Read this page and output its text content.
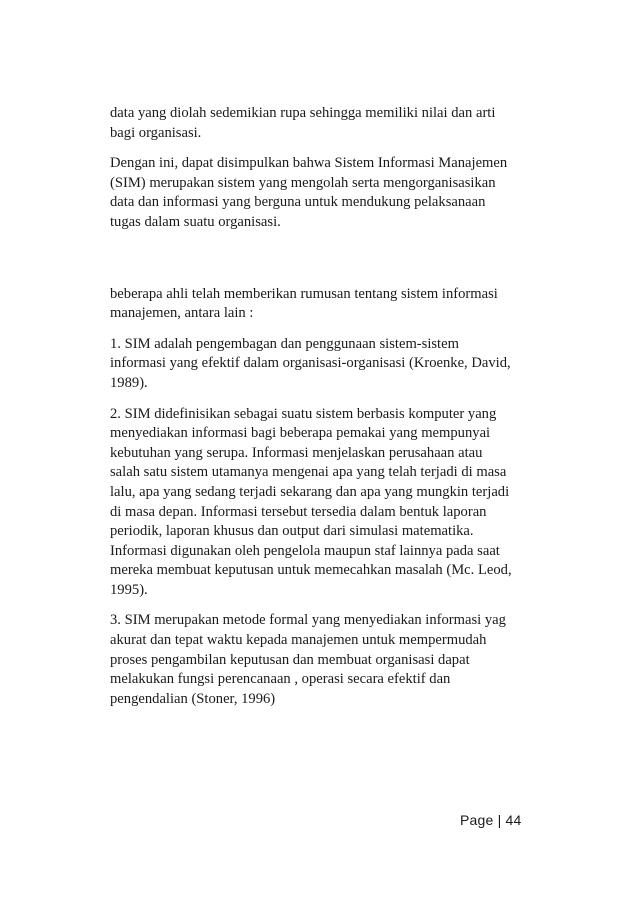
data yang diolah sedemikian rupa sehingga memiliki nilai dan arti
bagi organisasi.

Dengan ini, dapat disimpulkan bahwa Sistem Informasi Manajemen
(SIM) merupakan sistem yang mengolah serta mengorganisasikan
data dan informasi yang berguna untuk mendukung pelaksanaan
tugas dalam suatu organisasi.

beberapa ahli telah memberikan rumusan tentang sistem informasi
manajemen, antara lain :

1. SIM adalah pengembagan dan penggunaan sistem-sistem
informasi yang efektif dalam organisasi-organisasi (Kroenke, David,
1989).

2. SIM didefinisikan sebagai suatu sistem berbasis komputer yang
menyediakan informasi bagi beberapa pemakai yang mempunyai
kebutuhan yang serupa. Informasi menjelaskan perusahaan atau
salah satu sistem utamanya mengenai apa yang telah terjadi di masa
lalu, apa yang sedang terjadi sekarang dan apa yang mungkin terjadi
di masa depan. Informasi tersebut tersedia dalam bentuk laporan
periodik, laporan khusus dan output dari simulasi matematika.
Informasi digunakan oleh pengelola maupun staf lainnya pada saat
mereka membuat keputusan untuk memecahkan masalah (Mc. Leod,
1995).

3. SIM merupakan metode formal yang menyediakan informasi yag
akurat dan tepat waktu kepada manajemen untuk mempermudah
proses pengambilan keputusan dan membuat organisasi dapat
melakukan fungsi perencanaan , operasi secara efektif dan
pengendalian (Stoner, 1996)

Page | 44
